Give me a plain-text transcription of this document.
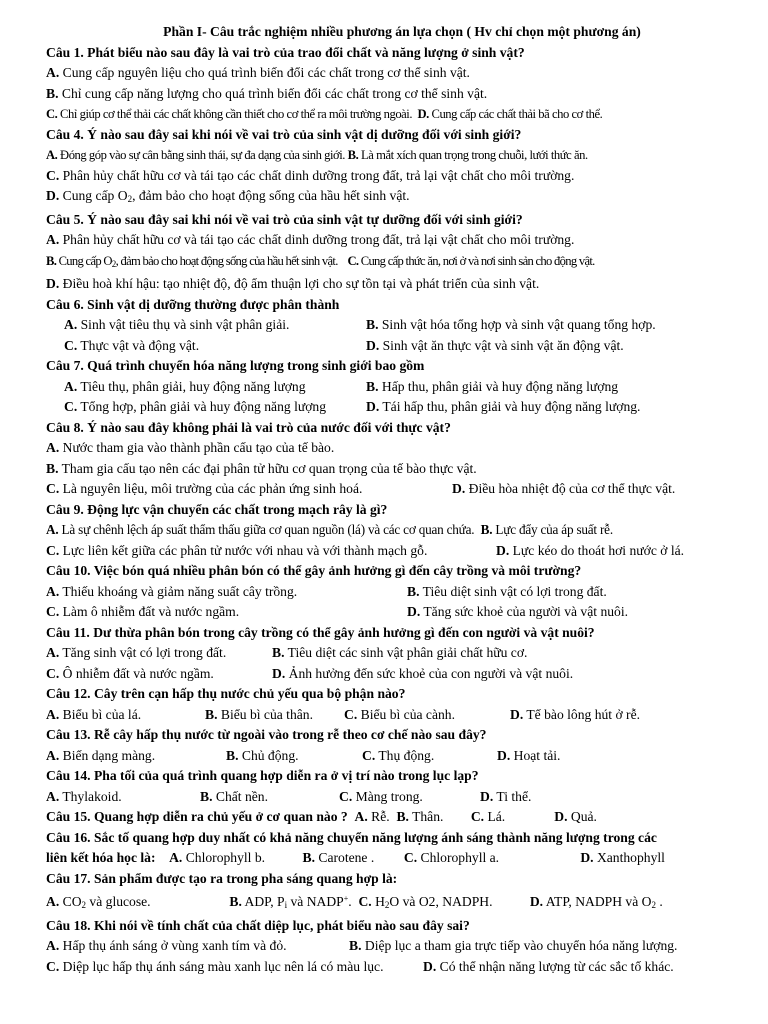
Phần I- Câu trắc nghiệm nhiều phương án lựa chọn ( Hv chỉ chọn một phương án)
Câu 1. Phát biểu nào sau đây là vai trò của trao đổi chất và năng lượng ở sinh vật?
A. Cung cấp nguyên liệu cho quá trình biến đổi các chất trong cơ thể sinh vật.
B. Chỉ cung cấp năng lượng cho quá trình biến đổi các chất trong cơ thể sinh vật.
C. Chỉ giúp cơ thể thải các chất không cần thiết cho cơ thể ra môi trường ngoài. D. Cung cấp các chất thải bã cho cơ thể.
Câu 4. Ý nào sau đây sai khi nói về vai trò của sinh vật dị dưỡng đối với sinh giới?
A. Đóng góp vào sự cân bằng sinh thái, sự đa dạng của sinh giới. B. Là mắt xích quan trọng trong chuỗi, lưới thức ăn.
C. Phân hủy chất hữu cơ và tái tạo các chất dinh dưỡng trong đất, trả lại vật chất cho môi trường.
D. Cung cấp $O_2$, đảm bảo cho hoạt động sống của hầu hết sinh vật.
Câu 5. Ý nào sau đây sai khi nói về vai trò của sinh vật tự dưỡng đối với sinh giới?
A. Phân hủy chất hữu cơ và tái tạo các chất dinh dưỡng trong đất, trả lại vật chất cho môi trường.
B. Cung cấp $O_2$, đảm bảo cho hoạt động sống của hầu hết sinh vật. C. Cung cấp thức ăn, nơi ở và nơi sinh sản cho động vật.
D. Điều hoà khí hậu: tạo nhiệt độ, độ ẩm thuận lợi cho sự tồn tại và phát triển của sinh vật.
Câu 6. Sinh vật dị dưỡng thường được phân thành
A. Sinh vật tiêu thụ và sinh vật phân giải.	B. Sinh vật hóa tổng hợp và sinh vật quang tổng hợp.
C. Thực vật và động vật.	D. Sinh vật ăn thực vật và sinh vật ăn động vật.
Câu 7. Quá trình chuyển hóa năng lượng trong sinh giới bao gồm
A. Tiêu thụ, phân giải, huy động năng lượng	B. Hấp thu, phân giải và huy động năng lượng
C. Tổng hợp, phân giải và huy động năng lượng	D. Tái hấp thu, phân giải và huy động năng lượng.
Câu 8. Ý nào sau đây không phải là vai trò của nước đối với thực vật?
A. Nước tham gia vào thành phần cấu tạo của tế bào.
B. Tham gia cấu tạo nên các đại phân tử hữu cơ quan trọng của tế bào thực vật.
C. Là nguyên liệu, môi trường của các phản ứng sinh hoá.	D. Điều hòa nhiệt độ của cơ thể thực vật.
Câu 9. Động lực vận chuyển các chất trong mạch rây là gì?
A. Là sự chênh lệch áp suất thẩm thấu giữa cơ quan nguồn (lá) và các cơ quan chứa. B. Lực đẩy của áp suất rễ.
C. Lực liên kết giữa các phân tử nước với nhau và với thành mạch gỗ.	D. Lực kéo do thoát hơi nước ở lá.
Câu 10. Việc bón quá nhiều phân bón có thể gây ảnh hưởng gì đến cây trồng và môi trường?
A. Thiếu khoáng và giảm năng suất cây trồng.	B. Tiêu diệt sinh vật có lợi trong đất.
C. Làm ô nhiễm đất và nước ngầm.	D. Tăng sức khoẻ của người và vật nuôi.
Câu 11. Dư thừa phân bón trong cây trồng có thể gây ảnh hưởng gì đến con người và vật nuôi?
A. Tăng sinh vật có lợi trong đất.	B. Tiêu diệt các sinh vật phân giải chất hữu cơ.
C. Ô nhiễm đất và nước ngầm.	D. Ảnh hưởng đến sức khoẻ của con người và vật nuôi.
Câu 12. Cây trên cạn hấp thụ nước chủ yếu qua bộ phận nào?
A. Biểu bì của lá.	B. Biểu bì của thân.	C. Biểu bì của cành.	D. Tế bào lông hút ở rễ.
Câu 13. Rễ cây hấp thụ nước từ ngoài vào trong rễ theo cơ chế nào sau đây?
A. Biến dạng màng.	B. Chủ động.	C. Thụ động.	D. Hoạt tải.
Câu 14. Pha tối của quá trình quang hợp diễn ra ở vị trí nào trong lục lạp?
A. Thylakoid.	B. Chất nền.	C. Màng trong.	D. Ti thể.
Câu 15. Quang hợp diễn ra chủ yếu ở cơ quan nào ? A. Rễ. B. Thân. C. Lá.	D. Quả.
Câu 16. Sắc tố quang hợp duy nhất có khả năng chuyển năng lượng ánh sáng thành năng lượng trong các
liên kết hóa học là: A. Chlorophyll b.	B. Carotene . C. Chlorophyll a.	D. Xanthophyll
Câu 17. Sản phẩm được tạo ra trong pha sáng quang hợp là:
A. $CO_2$ và glucose.	B. ADP, $P_i$ và NADP+. C. $H_2O$ và O2, NADPH.	D. ATP, NADPH và $O_2$ .
Câu 18. Khi nói về tính chất của chất diệp lục, phát biểu nào sau đây sai?
A. Hấp thụ ánh sáng ở vùng xanh tím và đỏ.	B. Diệp lục a tham gia trực tiếp vào chuyển hóa năng lượng.
C. Diệp lục hấp thụ ánh sáng màu xanh lục nên lá có màu lục.	D. Có thể nhận năng lượng từ các sắc tố khác.
